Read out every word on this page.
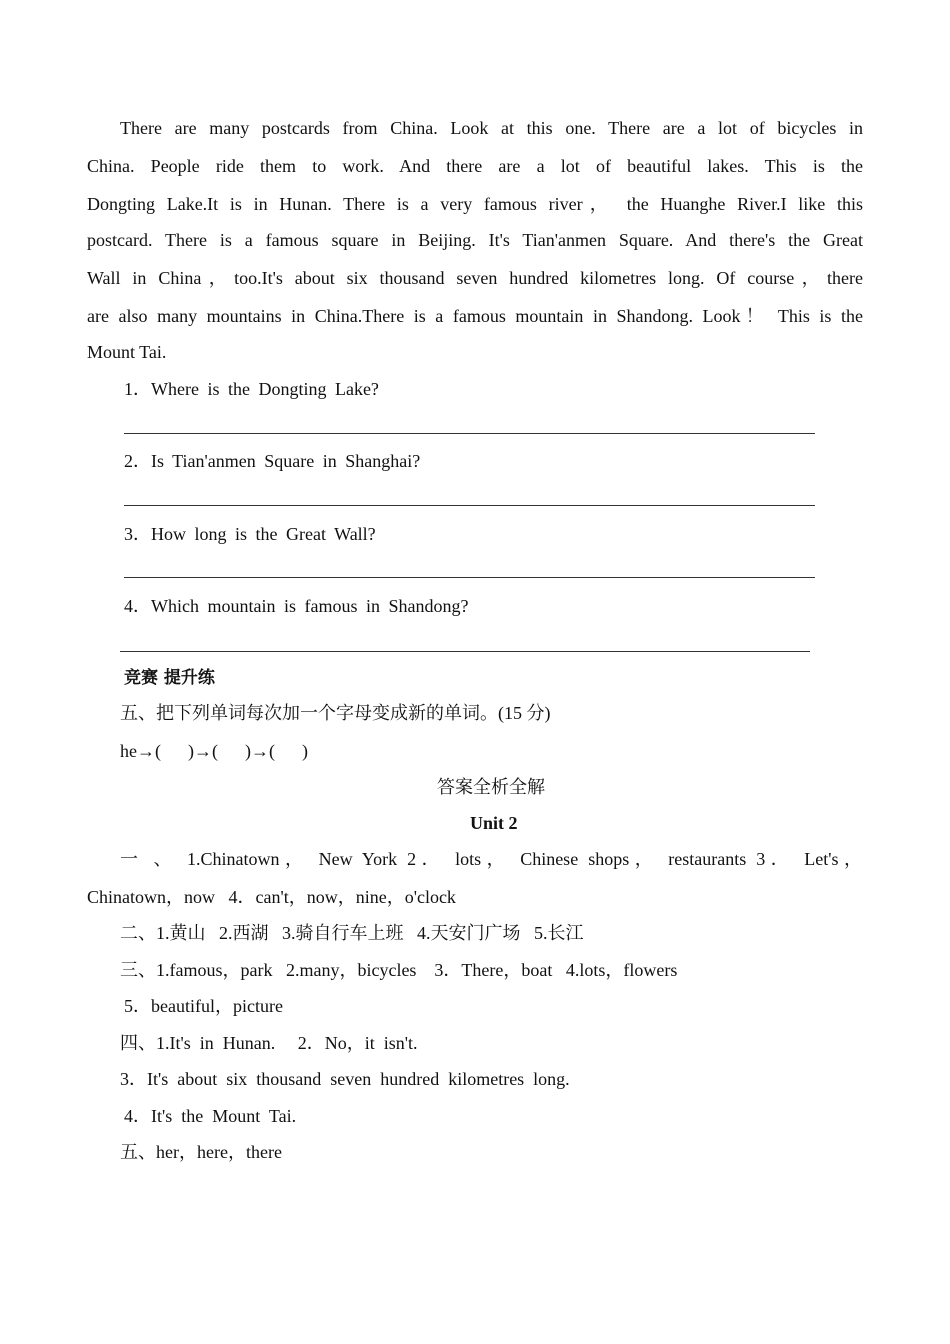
There are many postcards from China. Look at this one. There are a lot of bicycles in
China. People ride them to work. And there are a lot of beautiful lakes. This is the
Dongting Lake.It is in Hunan. There is a very famous river， the Huanghe River.I like this
postcard. There is a famous square in Beijing. It's Tian'anmen Square. And there's the Great
Wall in China，too.It's about six thousand seven hundred kilometres long. Of course，there
are also many mountains in China.There is a famous mountain in Shandong. Look！ This is the
Mount Tai.
1．Where is the Dongting Lake?
2．Is Tian'anmen Square in Shanghai?
3．How long is the Great Wall?
4．Which mountain is famous in Shandong?
竞赛 提升练
五、把下列单词每次加一个字母变成新的单词。(15 分)
he→(      )→(      )→(      )
答案全析全解
Unit 2
一 、 1.Chinatown， New York 2． lots， Chinese shops， restaurants 3． Let's，
Chinatown，now   4．can't，now，nine，o'clock
二、1.黄山   2.西湖   3.骑自行车上班   4.天安门广场   5.长江
三、1.famous，park   2.many，bicycles    3．There，boat   4.lots，flowers
5．beautiful，picture
四、1.It's  in  Hunan.     2．No，it  isn't.
3．It's  about  six  thousand  seven  hundred  kilometres  long.
4．It's  the  Mount  Tai.
五、her，here，there
